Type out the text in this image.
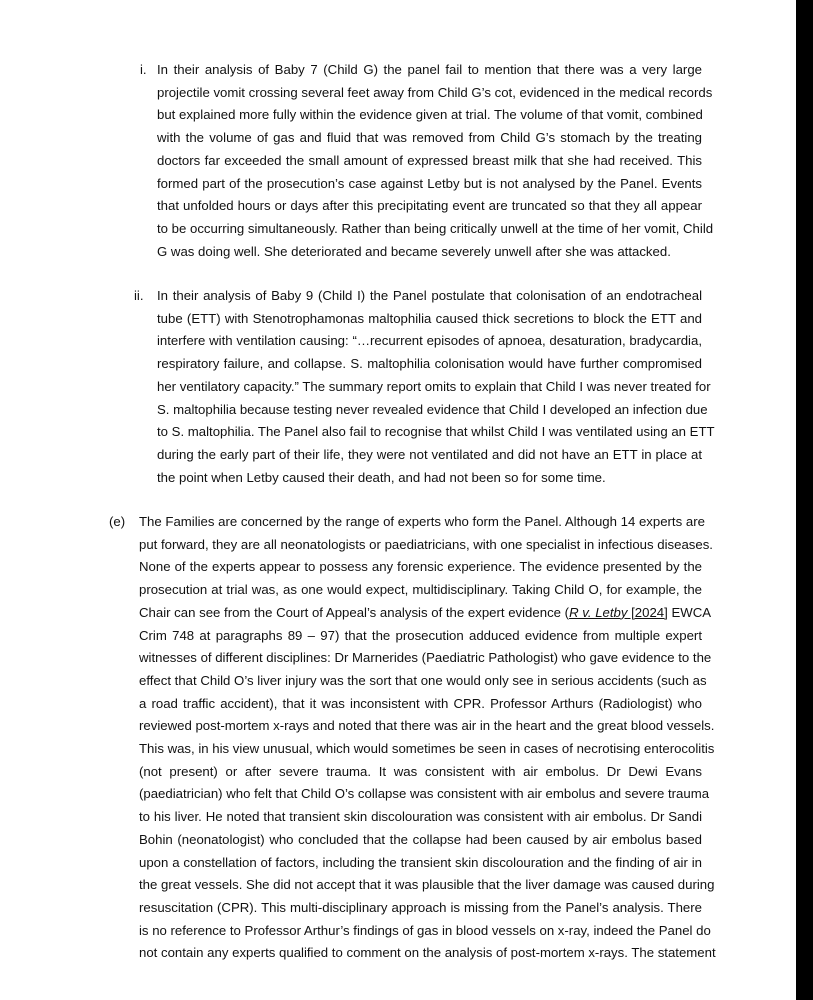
i. In their analysis of Baby 7 (Child G) the panel fail to mention that there was a very large
projectile vomit crossing several feet away from Child G’s cot, evidenced in the medical records
but explained more fully within the evidence given at trial. The volume of that vomit, combined
with the volume of gas and fluid that was removed from Child G’s stomach by the treating
doctors far exceeded the small amount of expressed breast milk that she had received. This
formed part of the prosecution’s case against Letby but is not analysed by the Panel. Events
that unfolded hours or days after this precipitating event are truncated so that they all appear
to be occurring simultaneously. Rather than being critically unwell at the time of her vomit, Child
G was doing well. She deteriorated and became severely unwell after she was attacked.
ii. In their analysis of Baby 9 (Child I) the Panel postulate that colonisation of an endotracheal
tube (ETT) with Stenotrophamonas maltophilia caused thick secretions to block the ETT and
interfere with ventilation causing: “…recurrent episodes of apnoea, desaturation, bradycardia,
respiratory failure, and collapse. S. maltophilia colonisation would have further compromised
her ventilatory capacity.” The summary report omits to explain that Child I was never treated for
S. maltophilia because testing never revealed evidence that Child I developed an infection due
to S. maltophilia. The Panel also fail to recognise that whilst Child I was ventilated using an ETT
during the early part of their life, they were not ventilated and did not have an ETT in place at
the point when Letby caused their death, and had not been so for some time.
(e) The Families are concerned by the range of experts who form the Panel. Although 14 experts are
put forward, they are all neonatologists or paediatricians, with one specialist in infectious diseases.
None of the experts appear to possess any forensic experience. The evidence presented by the
prosecution at trial was, as one would expect, multidisciplinary. Taking Child O, for example, the
Chair can see from the Court of Appeal’s analysis of the expert evidence (R v. Letby [2024] EWCA
Crim 748 at paragraphs 89 – 97) that the prosecution adduced evidence from multiple expert
witnesses of different disciplines: Dr Marnerides (Paediatric Pathologist) who gave evidence to the
effect that Child O’s liver injury was the sort that one would only see in serious accidents (such as
a road traffic accident), that it was inconsistent with CPR. Professor Arthurs (Radiologist) who
reviewed post-mortem x-rays and noted that there was air in the heart and the great blood vessels.
This was, in his view unusual, which would sometimes be seen in cases of necrotising enterocolitis
(not present) or after severe trauma. It was consistent with air embolus. Dr Dewi Evans
(paediatrician) who felt that Child O’s collapse was consistent with air embolus and severe trauma
to his liver. He noted that transient skin discolouration was consistent with air embolus. Dr Sandi
Bohin (neonatologist) who concluded that the collapse had been caused by air embolus based
upon a constellation of factors, including the transient skin discolouration and the finding of air in
the great vessels. She did not accept that it was plausible that the liver damage was caused during
resuscitation (CPR). This multi-disciplinary approach is missing from the Panel’s analysis. There
is no reference to Professor Arthur’s findings of gas in blood vessels on x-ray, indeed the Panel do
not contain any experts qualified to comment on the analysis of post-mortem x-rays. The statement
